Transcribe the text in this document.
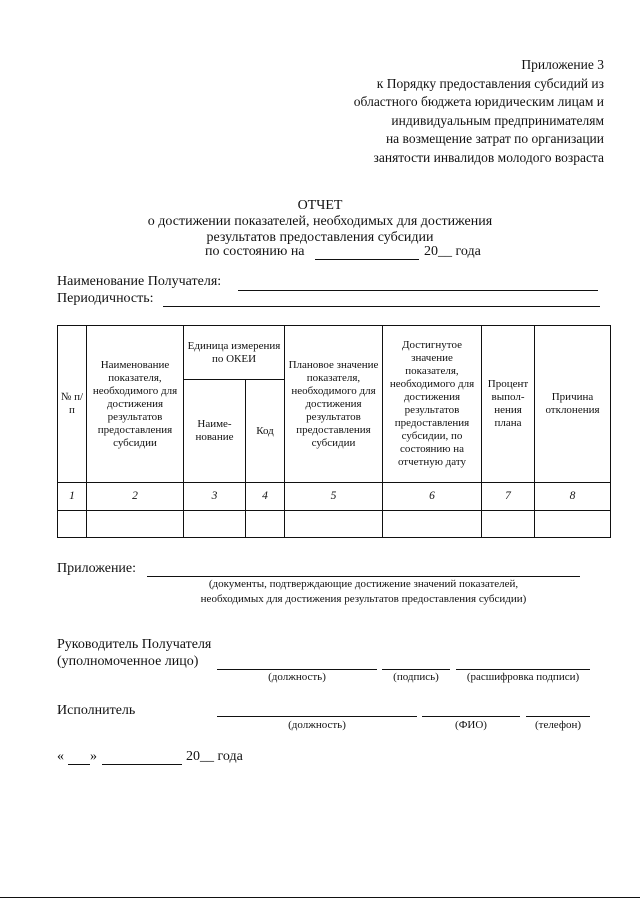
Приложение 3
к Порядку предоставления субсидий из
областного бюджета юридическим лицам и
индивидуальным предпринимателям
на возмещение затрат по организации
занятости инвалидов молодого возраста
ОТЧЕТ
о достижении показателей, необходимых для достижения
результатов предоставления субсидии
по состоянию на	20__ года
Наименование Получателя:
Периодичность:
№ п/п	Наименование показателя, необходимого для достижения результатов предоставления субсидии	Единица измерения по ОКЕИ		Плановое значение показателя, необходимого для достижения результатов предоставления субсидии	Достигнутое значение показателя, необходимого для достижения результатов предоставления субсидии, по состоянию на отчетную дату	Процент выпол-нения плана	Причина отклонения
		Наиме-нование	Код				
1	2	3	4	5	6	7	8

Приложение:
(документы, подтверждающие достижение значений показателей,
необходимых для достижения результатов предоставления субсидии)
Руководитель Получателя
(уполномоченное лицо)
(должность)	(подпись)	(расшифровка подписи)
Исполнитель
(должность)	(ФИО)	(телефон)
« »	20__ года
